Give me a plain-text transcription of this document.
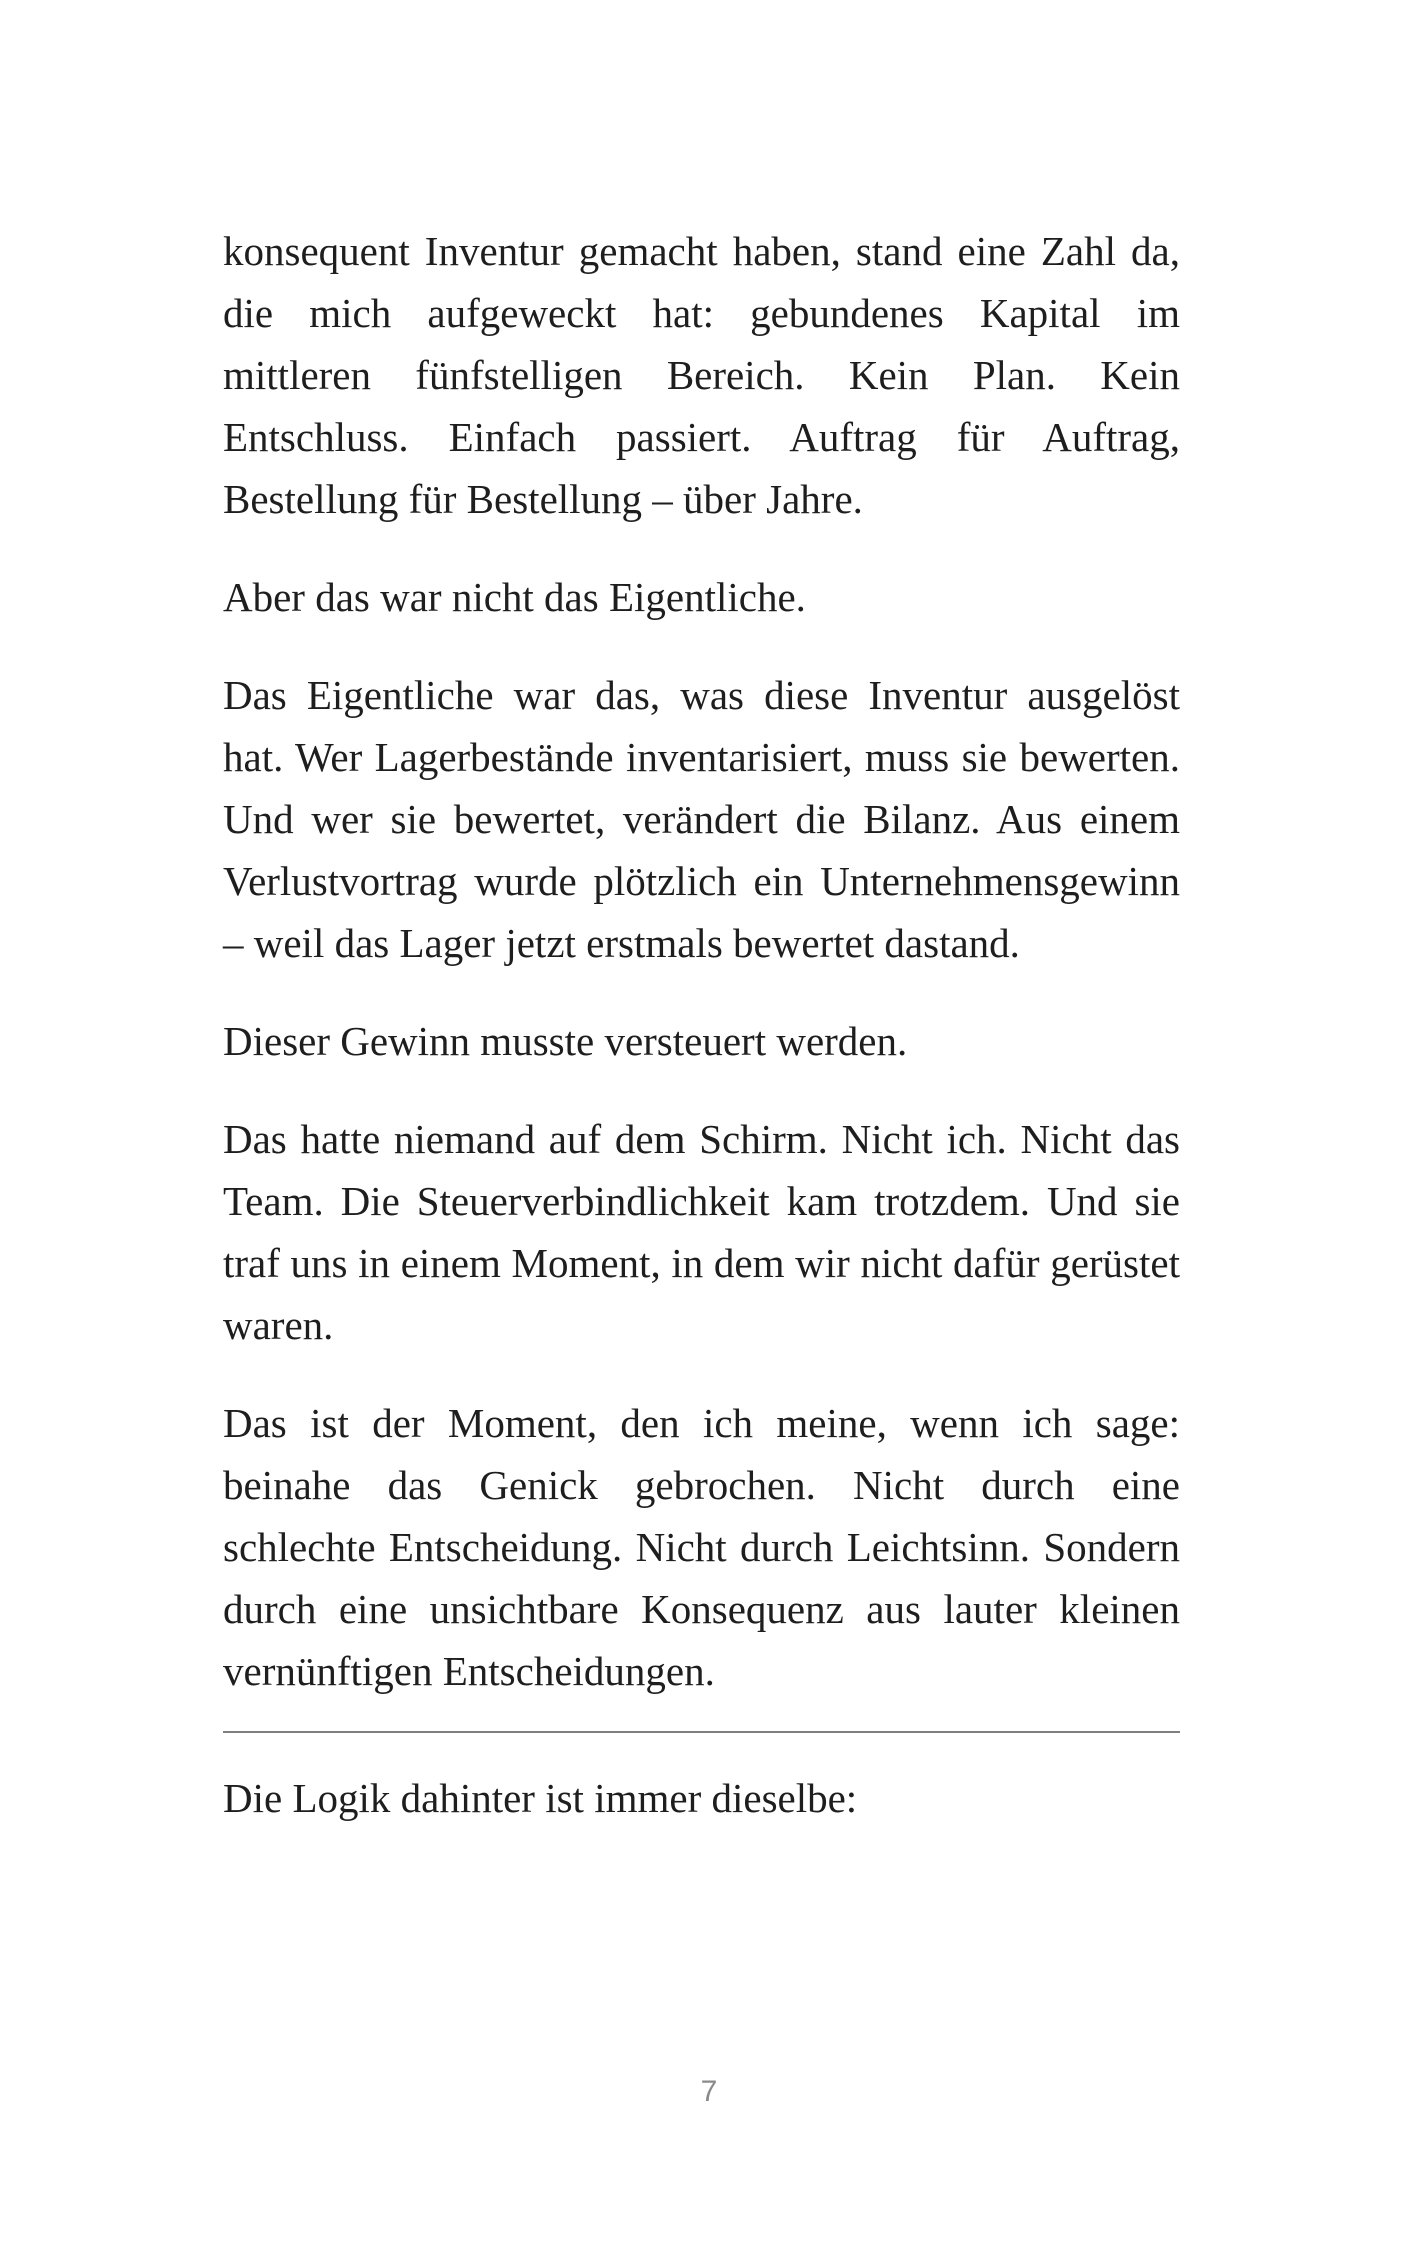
konsequent Inventur gemacht haben, stand eine Zahl da, die mich aufgeweckt hat: gebundenes Kapital im mittleren fünfstelligen Bereich. Kein Plan. Kein Entschluss. Einfach passiert. Auftrag für Auftrag, Bestellung für Bestellung – über Jahre.

Aber das war nicht das Eigentliche.

Das Eigentliche war das, was diese Inventur ausgelöst hat. Wer Lagerbestände inventarisiert, muss sie bewerten. Und wer sie bewertet, verändert die Bilanz. Aus einem Verlustvortrag wurde plötzlich ein Unternehmensgewinn – weil das Lager jetzt erstmals bewertet dastand.

Dieser Gewinn musste versteuert werden.

Das hatte niemand auf dem Schirm. Nicht ich. Nicht das Team. Die Steuerverbindlichkeit kam trotzdem. Und sie traf uns in einem Moment, in dem wir nicht dafür gerüstet waren.

Das ist der Moment, den ich meine, wenn ich sage: beinahe das Genick gebrochen. Nicht durch eine schlechte Entscheidung. Nicht durch Leichtsinn. Sondern durch eine unsichtbare Konsequenz aus lauter kleinen vernünftigen Entscheidungen.

Die Logik dahinter ist immer dieselbe:

7
